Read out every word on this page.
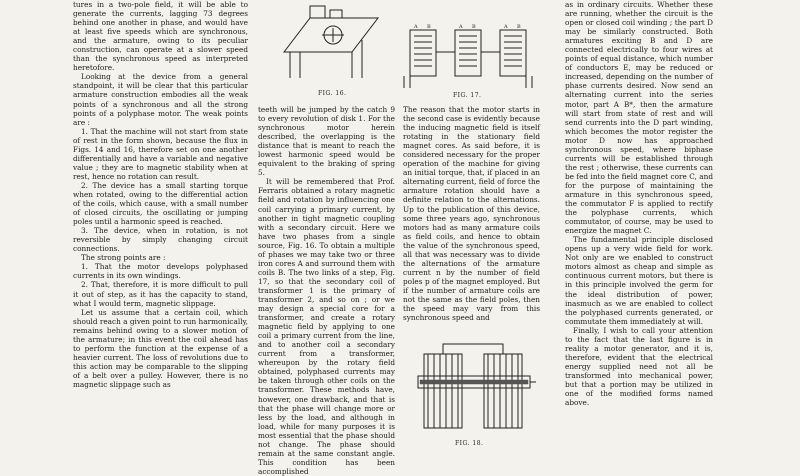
tures in a two-pole field, it will be able to generate the currents, lagging 73 degrees behind one another in phase, and would have at least five speeds which are synchronous, and the armature, owing to its peculiar construction, can operate at a slower speed than the synchronous speed as interpreted heretofore.

Looking at the device from a general standpoint, it will be clear that this particular armature construction embodies all the weak points of a synchronous and all the strong points of a polyphase motor. The weak points are :

1. That the machine will not start from state of rest in the form shown, because the flux in Figs. 14 and 16, therefore set on one another differentially and have a variable and negative value ; they are to magnetic stability when at rest, hence no rotation can result.

2. The device has a small starting torque when rotated, owing to the differential action of the coils, which cause, with a small number of closed circuits, the oscillating or jumping poles until a harmonic speed is reached.

3. The device, when in rotation, is not reversible by simply changing circuit connections.

The strong points are :

1. That the motor develops polyphased currents in its own windings.

2. That, therefore, it is more difficult to pull it out of step, as it has the capacity to stand, what I would term, magnetic slippage.

Let us assume that a certain coil, which should reach a given point to run harmonically, remains behind owing to a slower motion of the armature; in this event the coil ahead has to perform the function at the expense of a heavier current. The loss of revolutions due to this action may be comparable to the slipping of a belt over a pulley. However, there is no magnetic slippage such as

FIG. 16.
A B	A B	A B
FIG. 17.

teeth will be jumped by the catch 9 to every revolution of disk 1. For the synchronous motor herein described, the overlapping is the distance that is meant to reach the lowest harmonic speed would be equivalent to the braking of spring 5.

It will be remembered that Prof. Ferraris obtained a rotary magnetic field and rotation by influencing one coil carrying a primary current, by another in tight magnetic coupling with a secondary circuit. Here we have two phases from a single source, Fig. 16. To obtain a multiple of phases we may take two or three iron cores A and surround them with coils B. The two links of a step, Fig. 17, so that the secondary coil of transformer 1 is the primary of transformer 2, and so on ; or we may design a special core for a transformer, and create a rotary magnetic field by applying to one coil a primary current from the line, and to another coil a secondary current from a transformer, whereupon by the rotary field obtained, polyphased currents may be taken through other coils on the transformer. These methods have, however, one drawback, and that is that the phase will change more or less by the load, and although in load, while for many purposes it is most essential that the phase should not change. The phase should remain at the same constant angle. This condition has been accomplished

The reason that the motor starts in the second case is evidently because the inducing magnetic field is itself rotating in the stationary field magnet cores. As said before, it is considered necessary for the proper operation of the machine for giving an initial torque, that, if placed in an alternating current, field of force the armature rotation should have a definite relation to the alternations. Up to the publication of this device, some three years ago, synchronous motors had as many armature coils as field coils, and hence to obtain the value of the synchronous speed, all that was necessary was to divide the alternations of the armature current n by the number of field poles p of the magnet employed. But if the number of armature coils are not the same as the field poles, then the speed may vary from this synchronous speed and

FIG. 18.

as in ordinary circuits. Whether these are running, whether the circuit is the open or closed coil winding ; the part D may be similarly constructed. Both armatures exciting B and D are connected electrically to four wires at points of equal distance, which number of conductors E, may be reduced or increased, depending on the number of phase currents desired. Now send an alternating current into the series motor, part A B*, then the armature will start from state of rest and will send currents into the D part winding, which becomes the motor register the motor D now has approached synchronous speed, where biphase currents will be established through the rest ; otherwise, these currents can be fed into the field magnet core C, and for the purpose of maintaining the armature in this synchronous speed, the commutator F is applied to rectify the polyphase currents, which commutator, of course, may be used to energize the magnet C.

The fundamental principle disclosed opens up a very wide field for work. Not only are we enabled to construct motors almost as cheap and simple as continuous current motors, but there is in this principle involved the germ for the ideal distribution of power, inasmuch as we are enabled to collect the polyphased currents generated, or commutate them immediately at will.

Finally, I wish to call your attention to the fact that the last figure is in reality a motor generator, and it is, therefore, evident that the electrical energy supplied need not all be transformed into mechanical power, but that a portion may be utilized in one of the modified forms named above.
